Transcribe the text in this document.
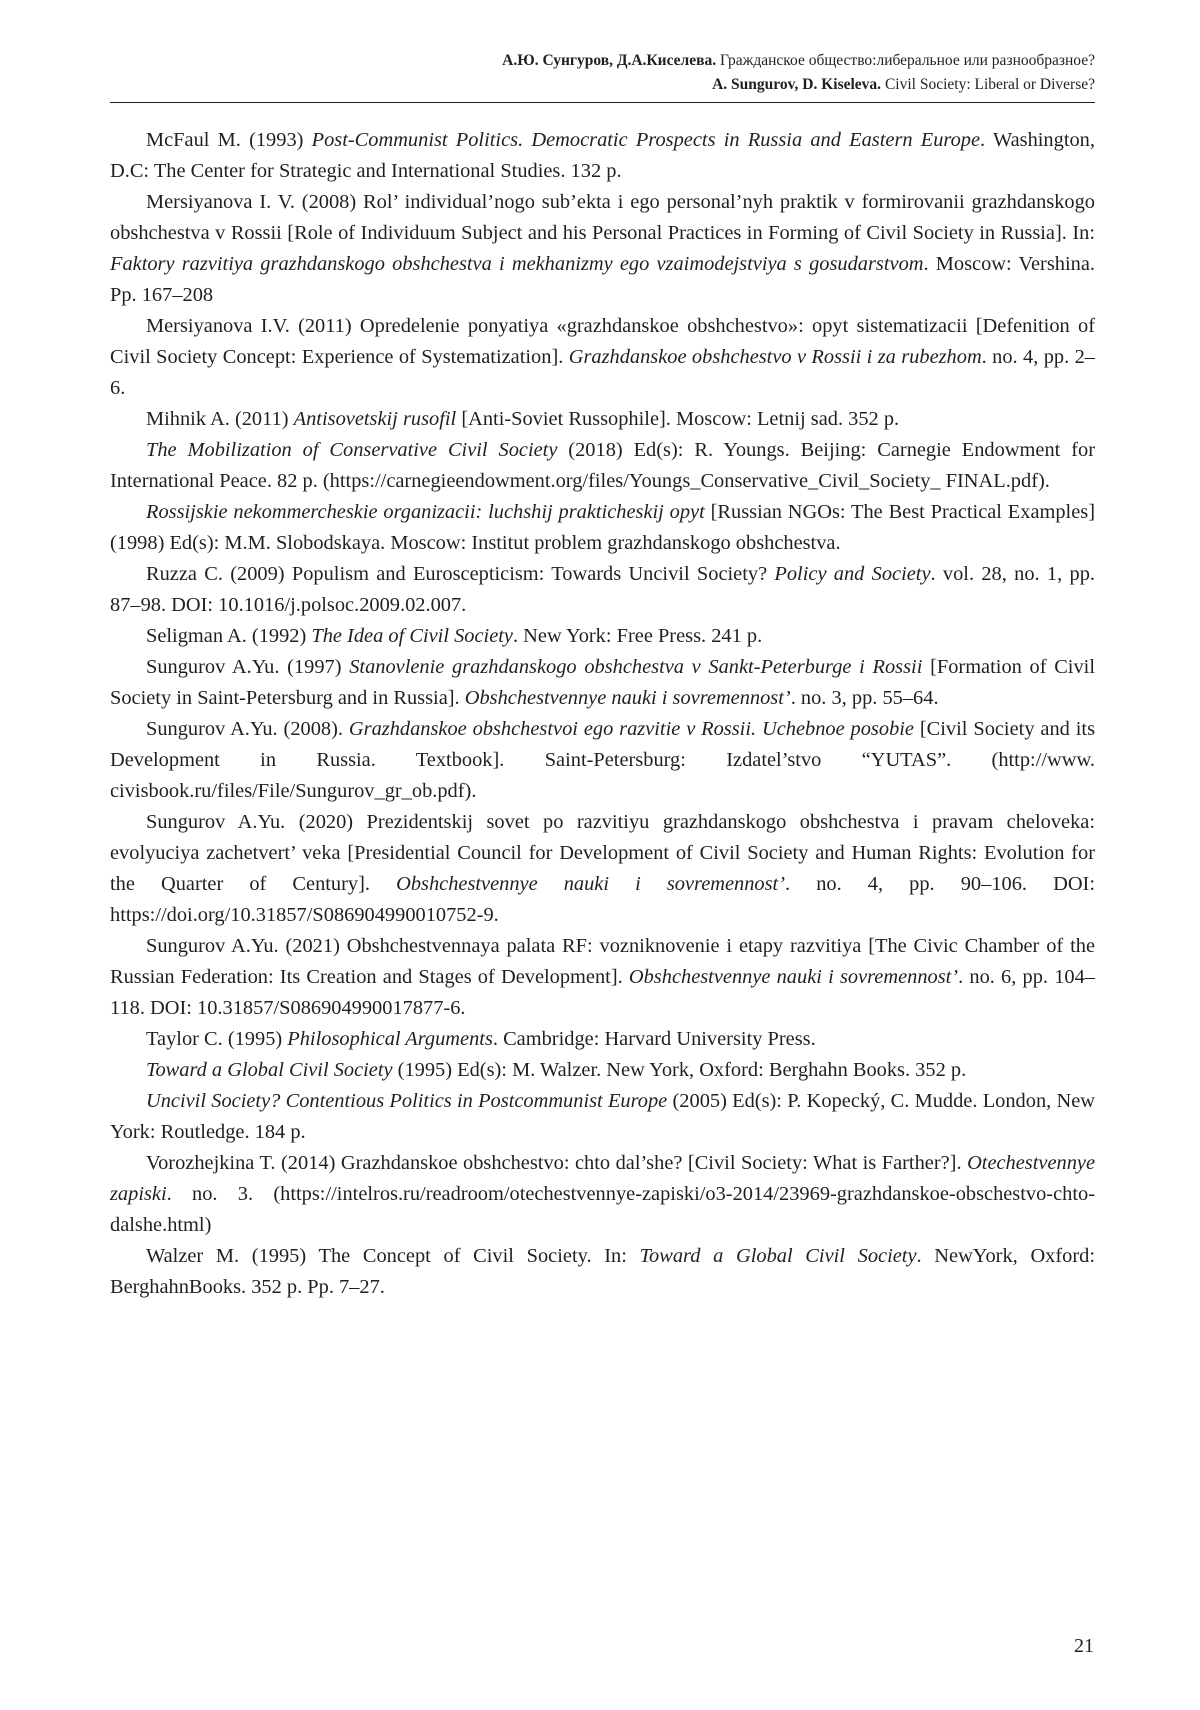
А.Ю. Сунгуров, Д.А.Киселева. Гражданское общество:либеральное или разнообразное?
A. Sungurov, D. Kiseleva. Civil Society: Liberal or Diverse?

McFaul M. (1993) Post-Communist Politics. Democratic Prospects in Russia and Eastern Europe. Washington, D.C: The Center for Strategic and International Studies. 132 p.

Mersiyanova I. V. (2008) Rol’ individual’nogo sub’ekta i ego personal’nyh praktik v formirovanii grazhdanskogo obshchestva v Rossii [Role of Individuum Subject and his Personal Practices in Forming of Civil Society in Russia]. In: Faktory razvitiya grazhdanskogo obshchestva i mekhanizmy ego vzaimodejstviya s gosudarstvom. Moscow: Vershina. Pp. 167–208

Mersiyanova I.V. (2011) Opredelenie ponyatiya «grazhdanskoe obshchestvo»: opyt sistematizacii [Defenition of Civil Society Concept: Experience of Systematization]. Grazhdanskoe obshchestvo v Rossii i za rubezhom. no. 4, pp. 2–6.

Mihnik A. (2011) Antisovetskij rusofil [Anti-Soviet Russophile]. Moscow: Letnij sad. 352 p.

The Mobilization of Conservative Civil Society (2018) Ed(s): R. Youngs. Beijing: Carnegie Endowment for International Peace. 82 p. (https://carnegieendowment.org/files/Youngs_Conservative_Civil_Society_ FINAL.pdf).

Rossijskie nekommercheskie organizacii: luchshij prakticheskij opyt [Russian NGOs: The Best Practical Examples] (1998) Ed(s): M.M. Slobodskaya. Moscow: Institut problem grazhdanskogo obshchestva.

Ruzza C. (2009) Populism and Euroscepticism: Towards Uncivil Society? Policy and Society. vol. 28, no. 1, pp. 87–98. DOI: 10.1016/j.polsoc.2009.02.007.

Seligman A. (1992) The Idea of Civil Society. New York: Free Press. 241 p.

Sungurov A.Yu. (1997) Stanovlenie grazhdanskogo obshchestva v Sankt-Peterburge i Rossii [Formation of Civil Society in Saint-Petersburg and in Russia]. Obshchestvennye nauki i sovremennost’. no. 3, pp. 55–64.

Sungurov A.Yu. (2008). Grazhdanskoe obshchestvoi ego razvitie v Rossii. Uchebnoe posobie [Civil Society and its Development in Russia. Textbook]. Saint-Petersburg: Izdatel’stvo “YUTAS”. (http://www. civisbook.ru/files/File/Sungurov_gr_ob.pdf).

Sungurov A.Yu. (2020) Prezidentskij sovet po razvitiyu grazhdanskogo obshchestva i pravam cheloveka: evolyuciya zachetvert’ veka [Presidential Council for Development of Civil Society and Human Rights: Evolution for the Quarter of Century]. Obshchestvennye nauki i sovremennost’. no. 4, pp. 90–106. DOI: https://doi.org/10.31857/S086904990010752-9.

Sungurov A.Yu. (2021) Obshchestvennaya palata RF: vozniknovenie i etapy razvitiya [The Civic Chamber of the Russian Federation: Its Creation and Stages of Development]. Obshchestvennye nauki i sovremennost’. no. 6, pp. 104–118. DOI: 10.31857/S086904990017877-6.

Taylor C. (1995) Philosophical Arguments. Cambridge: Harvard University Press.

Toward a Global Civil Society (1995) Ed(s): M. Walzer. New York, Oxford: Berghahn Books. 352 p.

Uncivil Society? Contentious Politics in Postcommunist Europe (2005) Ed(s): P. Kopecký, C. Mudde. London, New York: Routledge. 184 p.

Vorozhejkina T. (2014) Grazhdanskoe obshchestvo: chto dal’she? [Civil Society: What is Farther?]. Otechestvennye zapiski. no. 3. (https://intelros.ru/readroom/otechestvennye-zapiski/o3-2014/23969-grazhdanskoe-obschestvo-chto-dalshe.html)

Walzer M. (1995) The Concept of Civil Society. In: Toward a Global Civil Society. NewYork, Oxford: BerghahnBooks. 352 p. Pp. 7–27.

21
